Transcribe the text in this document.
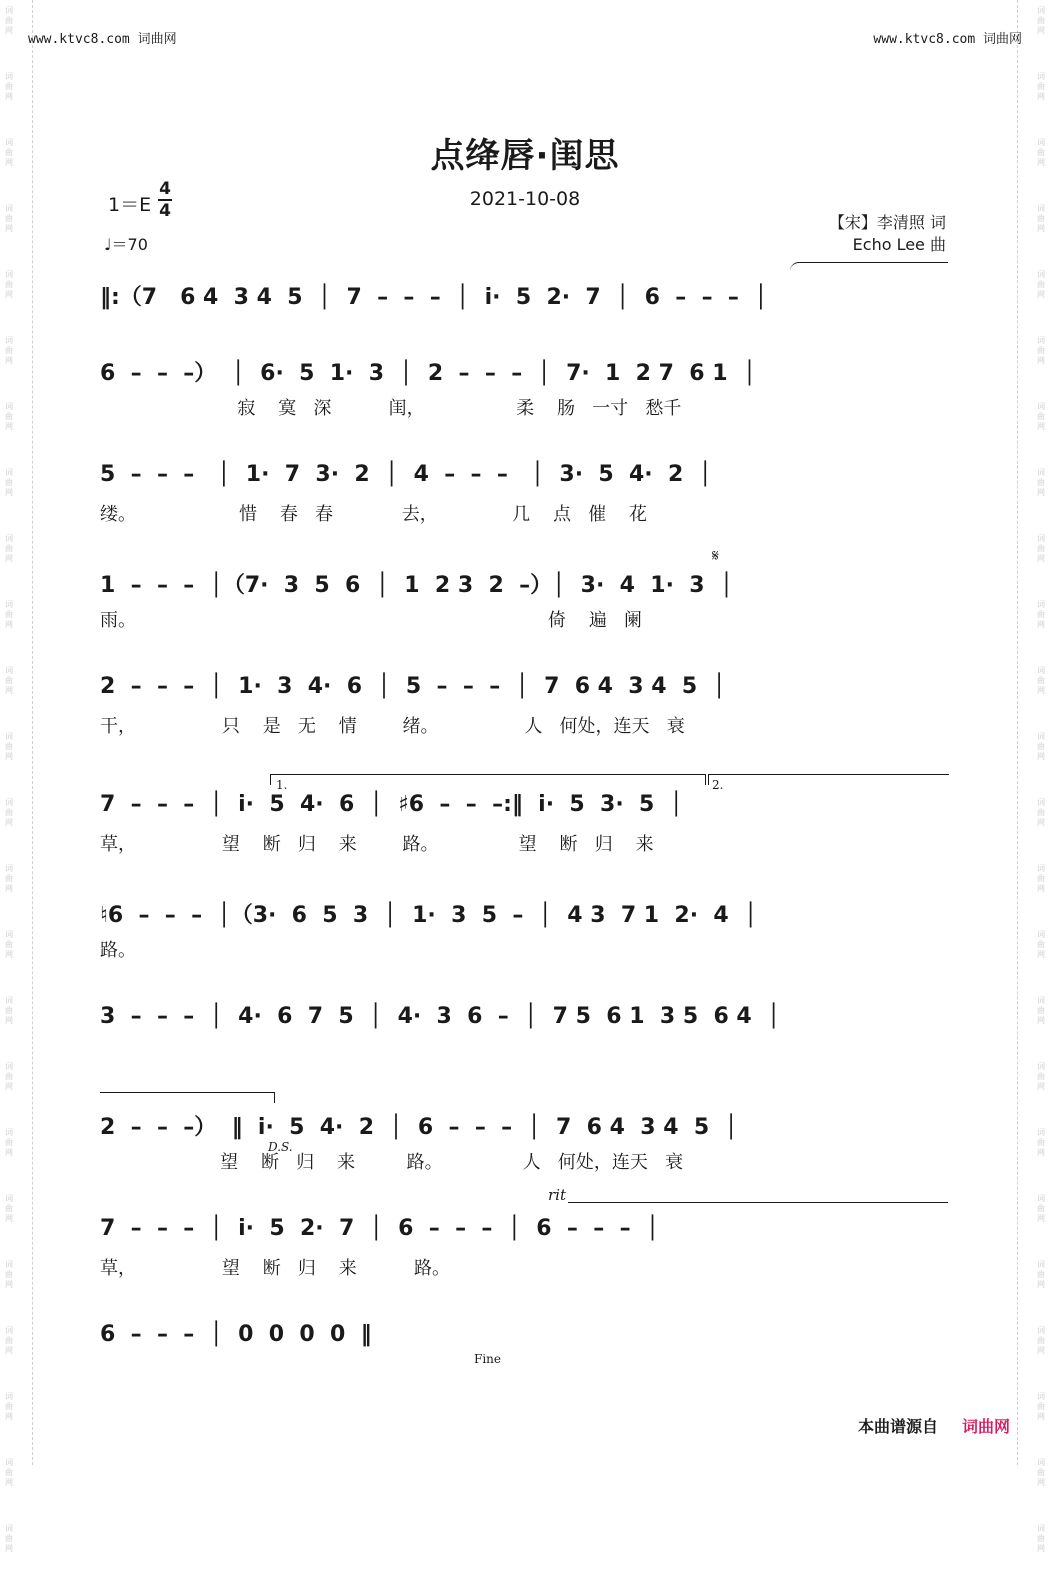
www.ktvc8.com 词曲网	www.ktvc8.com 词曲网
点绛唇·闺思
2021-10-08
1＝E
4
4
♩＝70
【宋】李清照 词
Echo Lee 曲
‖:（7   6 4  3 4  5  │  7  –  –  –  │  i·  5  2·  7  │  6  –  –  –  │
6  –  –  –）  │  6·  5  1·  3  │  2  –  –  –  │  7·  1  2 7  6 1  │
寂    寞   深          闺，                柔    肠   一寸   愁千
5  –  –  –   │  1·  7  3·  2  │  4  –  –  –   │  3·  5  4·  2  │
缕。                  惜    春   春            去，             几    点   催    花
𝄋
1  –  –  –  │（7·  3  5  6  │  1  2 3  2  –）│  3·  4  1·  3  │
雨。                                                                        倚    遍   阑
2  –  –  –  │  1·  3  4·  6  │  5  –  –  –  │  7  6 4  3 4  5  │
干，               只    是   无    情        绪。               人   何处，连天   衰
1.	2.
7  –  –  –  │  i·  5  4·  6  │  ♯6  –  –  –:‖  i·  5  3·  5  │
草，               望    断   归    来        路。              望    断   归    来
♮6  –  –  –  │（3·  6  5  3  │  1·  3  5  –  │  4 3  7 1  2·  4  │
路。
3  –  –  –  │  4·  6  7  5  │  4·  3  6  –  │  7 5  6 1  3 5  6 4  │
2  –  –  –）  ‖  i·  5  4·  2  │  6  –  –  –  │  7  6 4  3 4  5  │
望    断   归    来         路。              人   何处，连天   衰
D.S.
rit
7  –  –  –  │  i·  5  2·  7  │  6  –  –  –  │  6  –  –  –  │
草，               望    断   归    来          路。
6  –  –  –  │  0  0  0  0  ‖
Fine
本曲谱源自 词曲网
词
曲
网
词
曲
网
词
曲
网
词
曲
网
词
曲
网
词
曲
网
词
曲
网
词
曲
网
词
曲
网
词
曲
网
词
曲
网
词
曲
网
词
曲
网
词
曲
网
词
曲
网
词
曲
网
词
曲
网
词
曲
网
词
曲
网
词
曲
网
词
曲
网
词
曲
网
词
曲
网
词
曲
网
词
曲
网
词
曲
网
词
曲
网
词
曲
网
词
曲
网
词
曲
网
词
曲
网
词
曲
网
词
曲
网
词
曲
网
词
曲
网
词
曲
网
词
曲
网
词
曲
网
词
曲
网
词
曲
网
词
曲
网
词
曲
网
词
曲
网
词
曲
网
词
曲
网
词
曲
网
词
曲
网
词
曲
网
